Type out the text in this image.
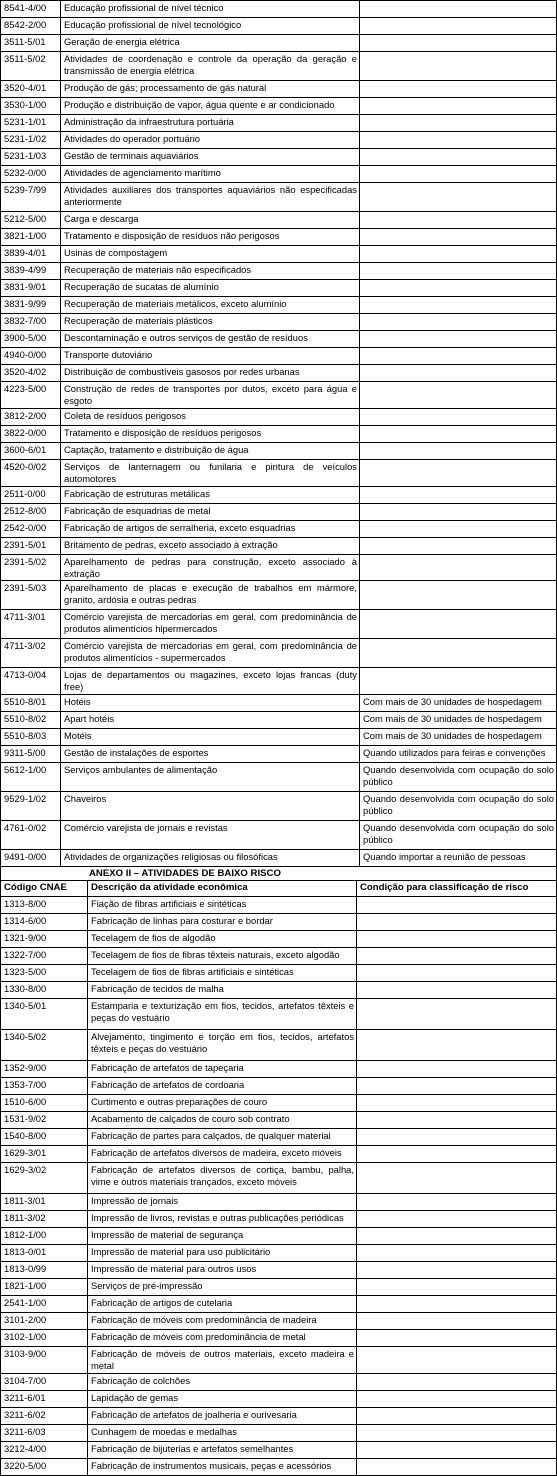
8541-4/00	Educação profissional de nível técnico	
8542-2/00	Educação profissional de nível tecnológico	
3511-5/01	Geração de energia elétrica	
3511-5/02	Atividades de coordenação e controle da operação da geração e transmissão de energia elétrica	
3520-4/01	Produção de gás; processamento de gás natural	
3530-1/00	Produção e distribuição de vapor, água quente e ar condicionado	
5231-1/01	Administração da infraestrutura portuária	
5231-1/02	Atividades do operador portuário	
5231-1/03	Gestão de terminais aquaviários	
5232-0/00	Atividades de agenciamento marítimo	
5239-7/99	Atividades auxiliares dos transportes aquaviários não especificadas anteriormente	
5212-5/00	Carga e descarga	
3821-1/00	Tratamento e disposição de resíduos não perigosos	
3839-4/01	Usinas de compostagem	
3839-4/99	Recuperação de materiais não especificados	
3831-9/01	Recuperação de sucatas de alumínio	
3831-9/99	Recuperação de materiais metálicos, exceto alumínio	
3832-7/00	Recuperação de materiais plásticos	
3900-5/00	Descontaminação e outros serviços de gestão de resíduos	
4940-0/00	Transporte dutoviário	
3520-4/02	Distribuição de combustíveis gasosos por redes urbanas	
4223-5/00	Construção de redes de transportes por dutos, exceto para água e esgoto	
3812-2/00	Coleta de resíduos perigosos	
3822-0/00	Tratamento e disposição de resíduos perigosos	
3600-6/01	Captação, tratamento e distribuição de água	
4520-0/02	Serviços de lanternagem ou funilaria e pintura de veículos automotores	
2511-0/00	Fabricação de estruturas metálicas	
2512-8/00	Fabricação de esquadrias de metal	
2542-0/00	Fabricação de artigos de serralheria, exceto esquadrias	
2391-5/01	Britamento de pedras, exceto associado à extração	
2391-5/02	Aparelhamento de pedras para construção, exceto associado à extração	
2391-5/03	Aparelhamento de placas e execução de trabalhos em mármore, granito, ardósia e outras pedras	
4711-3/01	Comércio varejista de mercadorias em geral, com predominância de produtos alimentícios hipermercados	
4711-3/02	Comércio varejista de mercadorias em geral, com predominância de produtos alimentícios - supermercados	
4713-0/04	Lojas de departamentos ou magazines, exceto lojas francas (duty free)	
5510-8/01	Hotéis	Com mais de 30 unidades de hospedagem
5510-8/02	Apart hotéis	Com mais de 30 unidades de hospedagem
5510-8/03	Motéis	Com mais de 30 unidades de hospedagem
9311-5/00	Gestão de instalações de esportes	Quando utilizados para feiras e convenções
5612-1/00	Serviços ambulantes de alimentação	Quando desenvolvida com ocupação do solo público
9529-1/02	Chaveiros	Quando desenvolvida com ocupação do solo público
4761-0/02	Comércio varejista de jornais e revistas	Quando desenvolvida com ocupação do solo público
9491-0/00	Atividades de organizações religiosas ou filosóficas	Quando importar a reunião de pessoas
ANEXO II – ATIVIDADES DE BAIXO RISCO
Código CNAE	Descrição da atividade econômica	Condição para classificação de risco
1313-8/00	Fiação de fibras artificiais e sintéticas	
1314-6/00	Fabricação de linhas para costurar e bordar	
1321-9/00	Tecelagem de fios de algodão	
1322-7/00	Tecelagem de fios de fibras têxteis naturais, exceto algodão	
1323-5/00	Tecelagem de fios de fibras artificiais e sintéticas	
1330-8/00	Fabricação de tecidos de malha	
1340-5/01	Estamparia e texturização em fios, tecidos, artefatos têxteis e peças do vestuário	
1340-5/02	Alvejamento, tingimento e torção em fios, tecidos, artefatos têxteis e peças do vestuário	
1352-9/00	Fabricação de artefatos de tapeçaria	
1353-7/00	Fabricação de artefatos de cordoaria	
1510-6/00	Curtimento e outras preparações de couro	
1531-9/02	Acabamento de calçados de couro sob contrato	
1540-8/00	Fabricação de partes para calçados, de qualquer material	
1629-3/01	Fabricação de artefatos diversos de madeira, exceto móveis	
1629-3/02	Fabricação de artefatos diversos de cortiça, bambu, palha, vime e outros materiais trançados, exceto móveis	
1811-3/01	Impressão de jornais	
1811-3/02	Impressão de livros, revistas e outras publicações periódicas	
1812-1/00	Impressão de material de segurança	
1813-0/01	Impressão de material para uso publicitário	
1813-0/99	Impressão de material para outros usos	
1821-1/00	Serviços de pré-impressão	
2541-1/00	Fabricação de artigos de cutelaria	
3101-2/00	Fabricação de móveis com predominância de madeira	
3102-1/00	Fabricação de móveis com predominância de metal	
3103-9/00	Fabricação de móveis de outros materiais, exceto madeira e metal	
3104-7/00	Fabricação de colchões	
3211-6/01	Lapidação de gemas	
3211-6/02	Fabricação de artefatos de joalheria e ourivesaria	
3211-6/03	Cunhagem de moedas e medalhas	
3212-4/00	Fabricação de bijuterias e artefatos semelhantes	
3220-5/00	Fabricação de instrumentos musicais, peças e acessórios	
